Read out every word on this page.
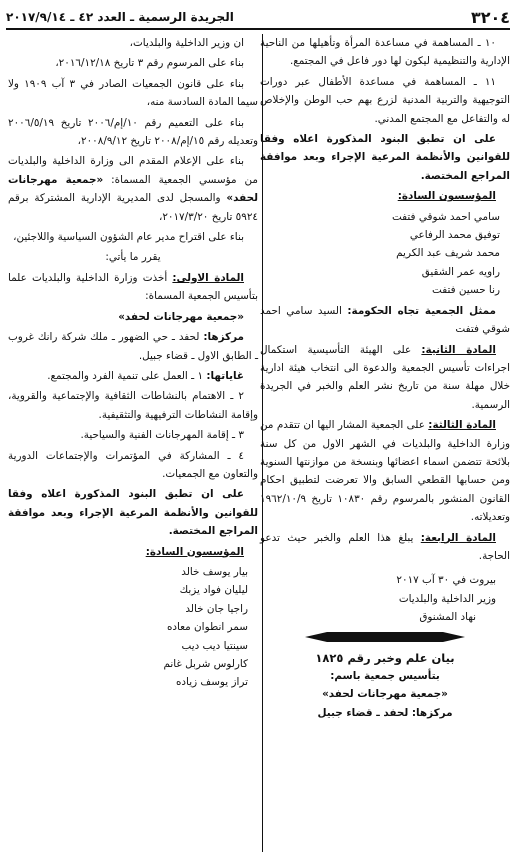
٣٢٠٤
الجريدة الرسمية ـ العدد ٤٢ ـ ٢٠١٧/٩/١٤

١٠ ـ المساهمة في مساعدة المرأة وتأهيلها من الناحية الإدارية والتنظيمية ليكون لها دور فاعل في المجتمع.

١١ ـ المساهمة في مساعدة الأطفال عبر دورات التوجيهية والتربية المدنية لزرع بهم حب الوطن والإخلاص له والتفاعل مع المجتمع المدني.

على ان تطبق البنود المذكورة اعلاه وفقا للقوانين والأنظمة المرعية الإجراء وبعد موافقة المراجع المختصة.

المؤسسون السادة:

سامي احمد شوقي فتفت
توفيق محمد الرفاعي
محمد شريف عبد الكريم
راويه عمر الشقيق
رنا حسين فتفت

ممثل الجمعية تجاه الحكومة: السيد سامي احمد شوقي فتفت

المادة الثانية: على الهيئة التأسيسية استكمال اجراءات تأسيس الجمعية والدعوة الى انتخاب هيئة ادارية خلال مهلة سنة من تاريخ نشر العلم والخبر في الجريدة الرسمية.

المادة الثالثة: على الجمعية المشار اليها ان تتقدم من وزارة الداخلية والبلديات في الشهر الاول من كل سنة بلائحة تتضمن اسماء اعضائها وبنسخة من موازنتها السنوية ومن حسابها القطعي السابق والا تعرضت لتطبيق احكام القانون المنشور بالمرسوم رقم ١٠٨٣٠ تاريخ ١٩٦٢/١٠/٩ وتعديلاته.

المادة الرابعة: يبلغ هذا العلم والخبر حيث تدعو الحاجة.

بيروت في ٣٠ آب ٢٠١٧
وزير الداخلية والبلديات
نهاد المشنوق
بيان علم وخبر رقم ١٨٢٥
بتأسيس جمعية باسم:
«جمعية مهرجانات لحفد»
مركزها: لحفد ـ قضاء جبيل

ان وزير الداخلية والبلديات،

بناء على المرسوم رقم ٣ تاريخ ٢٠١٦/١٢/١٨،

بناء على قانون الجمعيات الصادر في ٣ آب ١٩٠٩ ولا سيما المادة السادسة منه،

بناء على التعميم رقم ١٠/إم/٢٠٠٦ تاريخ ٢٠٠٦/٥/١٩ وتعديله رقم ١٥/إم/٢٠٠٨ تاريخ ٢٠٠٨/٩/١٢،

بناء على الإعلام المقدم الى وزارة الداخلية والبلديات من مؤسسي الجمعية المسماة: «جمعية مهرجانات لحفد» والمسجل لدى المديرية الإدارية المشتركة برقم ٥٩٢٤ تاريخ ٢٠١٧/٣/٢٠،

بناء على اقتراح مدير عام الشؤون السياسية واللاجئين،

يقرر ما يأتي:

المادة الاولى: أخذت وزارة الداخلية والبلديات علما بتأسيس الجمعية المسماة:

«جمعية مهرجانات لحفد»

مركزها: لحفد ـ حي الضهور ـ ملك شركة رانك غروب ـ الطابق الاول ـ قضاء جبيل.

غاياتها: ١ ـ العمل على تنمية الفرد والمجتمع.

٢ ـ الاهتمام بالنشاطات الثقافية والإجتماعية والقروية، وإقامة النشاطات الترفيهية والتثقيفية.

٣ ـ إقامة المهرجانات الفنية والسياحية.

٤ ـ المشاركة في المؤتمرات والإجتماعات الدورية والتعاون مع الجمعيات.

على ان تطبق البنود المذكورة اعلاه وفقا للقوانين والأنظمة المرعية الإجراء وبعد موافقة المراجع المختصة.

المؤسسون السادة:

بيار يوسف خالد
ليليان فواد يزبك
راجيا جان خالد
سمر انطوان معاده
سينتيا ديب ديب
كارلوس شربل غانم
تراز يوسف زياده
